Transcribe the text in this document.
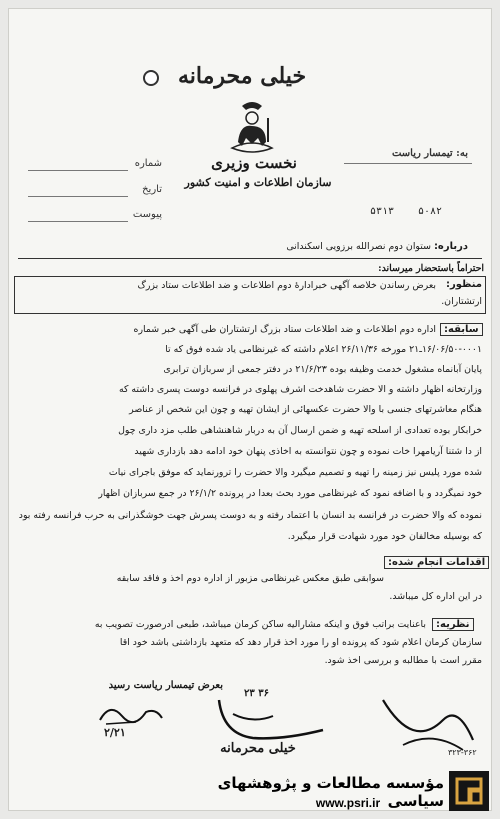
خیلی محرمانه
نخست وزیری
سازمان اطلاعات و امنیت کشور
شماره
تاریخ
پیوست
به: تیمسار ریاست
۵۳۱۳ ۵۰۸۲
درباره: ستوان دوم نصرالله برزویی اسکندانی
احتراماً باستحضار میرساند:
منظور:
بعرض رساندن خلاصه آگهی خبرادارهٔ دوم اطلاعات و ضد اطلاعات ستاد بزرگ
ارتشتاران.
سابقه:
اداره دوم اطلاعات و ضد اطلاعات ستاد بزرگ ارتشتاران طی آگهی خبر شماره
۱۶/۰۶/۵۰-۰۰۰۱ـ۲۱ مورخه ۲۶/۱۱/۳۶ اعلام داشته که غیرنظامی یاد شده فوق که تا
پایان آبانماه مشغول خدمت وظیفه بوده ۲۱/۶/۲۳ در دفتر جمعی از سربازان ترابری
وزارتخانه اظهار داشته و الا حضرت شاهدخت اشرف پهلوی در فرانسه دوست پسری داشته که
هنگام معاشرتهای جنسی با والا حضرت عکسهائی از ایشان تهیه و چون این شخص از عناصر
خرابکار بوده تعدادی از اسلحه تهیه و ضمن ارسال آن به دربار شاهنشاهی طلب مزد داری چول
از دا شتنا آریامهرا خات نموده و چون نتوانسته به اخاذی پنهان خود ادامه دهد بازداری شهید
شده مورد پلیس نیز زمینه را تهیه و تصمیم میگیرد والا حضرت را ترورنماید که موفق باجرای نیات
خود نمیگردد و با اضافه نمود که غیرنظامی مورد بحث بعدا در پرونده ۲۶/۱/۲ در جمع سربازان اظهار
نموده که والا حضرت در فرانسه بد انسان با اعتماد رفته و به دوست پسرش جهت خوشگذرانی به حرب فرانسه رفته بود
که بوسیله مخالفان خود مورد شهادت قرار میگیرد.
اقدامات انجام شده:
سوابقی طبق معکس غیرنظامی مزبور از اداره دوم اخذ و فاقد سابقه
در این اداره کل میباشد.
نظریه:
باعنایت براتب فوق و اینکه مشارالیه ساکن کرمان میباشد، طبعی ادرصورت تصویب به
سازمان کرمان اعلام شود که پرونده او را مورد اخذ قرار دهد که متعهد بازداشتی باشد خود اقا
مقرر است با مطالبه و بررسی اخذ شود.
بعرض تیمسار ریاست رسید
۲/۲۱
۲۳ ۳۶
۳۲۳-۳۶۲
خیلی محرمانه
مؤسسه مطالعات و پژوهشهای سیاسی
www.psri.ir
